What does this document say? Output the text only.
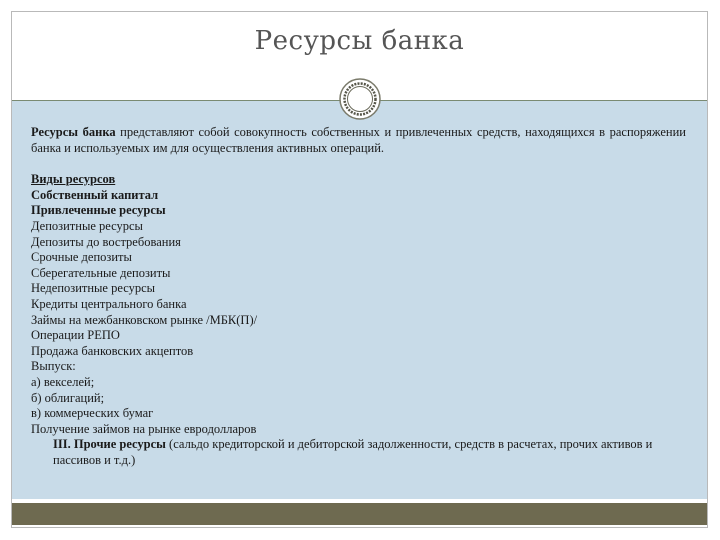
Ресурсы банка

Ресурсы банка представляют собой совокупность собственных и привлеченных средств, находящихся в распоряжении банка и используемых им для осуществления активных операций.

Виды ресурсов
Собственный капитал
Привлеченные ресурсы
Депозитные ресурсы
Депозиты до востребования
Срочные депозиты
Сберегательные депозиты
Недепозитные ресурсы
Кредиты центрального банка
Займы на межбанковском рынке /МБК(П)/
Операции РЕПО
Продажа банковских акцептов
Выпуск:
а) векселей;
б) облигаций;
в) коммерческих бумаг
Получение займов на рынке евродолларов
III. Прочие ресурсы (сальдо кредиторской и дебиторской задолженности, средств в расчетах, прочих активов и пассивов и т.д.)
